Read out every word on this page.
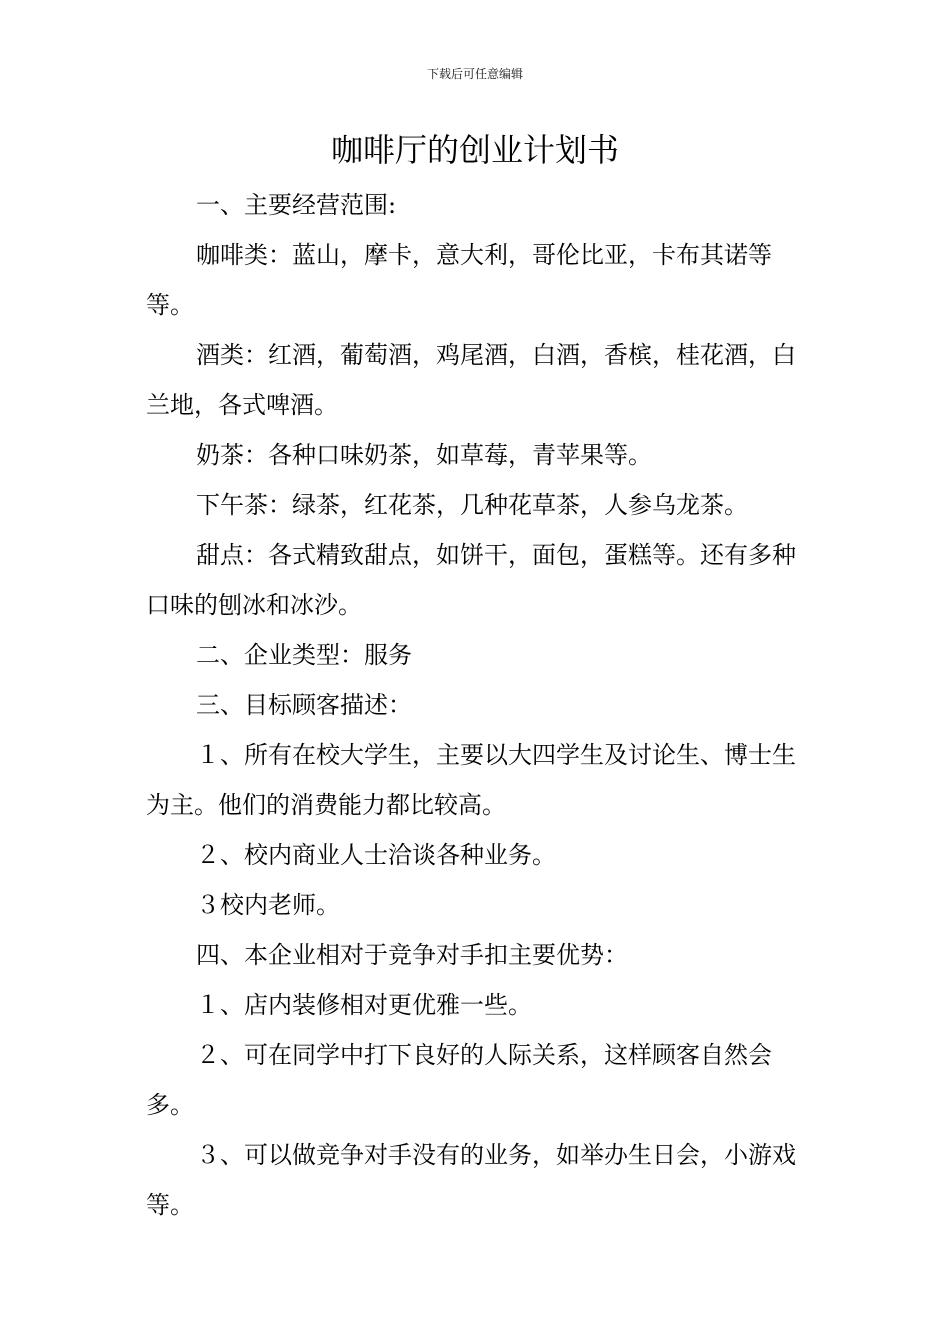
下载后可任意编辑
咖啡厅的创业计划书

一、主要经营范围:

咖啡类：蓝山，摩卡，意大利，哥伦比亚，卡布其诺等等。

酒类：红酒，葡萄酒，鸡尾酒，白酒，香槟，桂花酒，白兰地，各式啤酒。

奶茶：各种口味奶茶，如草莓，青苹果等。

下午茶：绿茶，红花茶，几种花草茶，人参乌龙茶。

甜点：各式精致甜点，如饼干，面包，蛋糕等。还有多种口味的刨冰和冰沙。

二、企业类型：服务

三、目标顾客描述：

１、所有在校大学生，主要以大四学生及讨论生、博士生为主。他们的消费能力都比较高。

２、校内商业人士洽谈各种业务。

３校内老师。

四、本企业相对于竞争对手扣主要优势：

１、店内装修相对更优雅一些。

２、可在同学中打下良好的人际关系，这样顾客自然会多。

３、可以做竞争对手没有的业务，如举办生日会，小游戏等。
